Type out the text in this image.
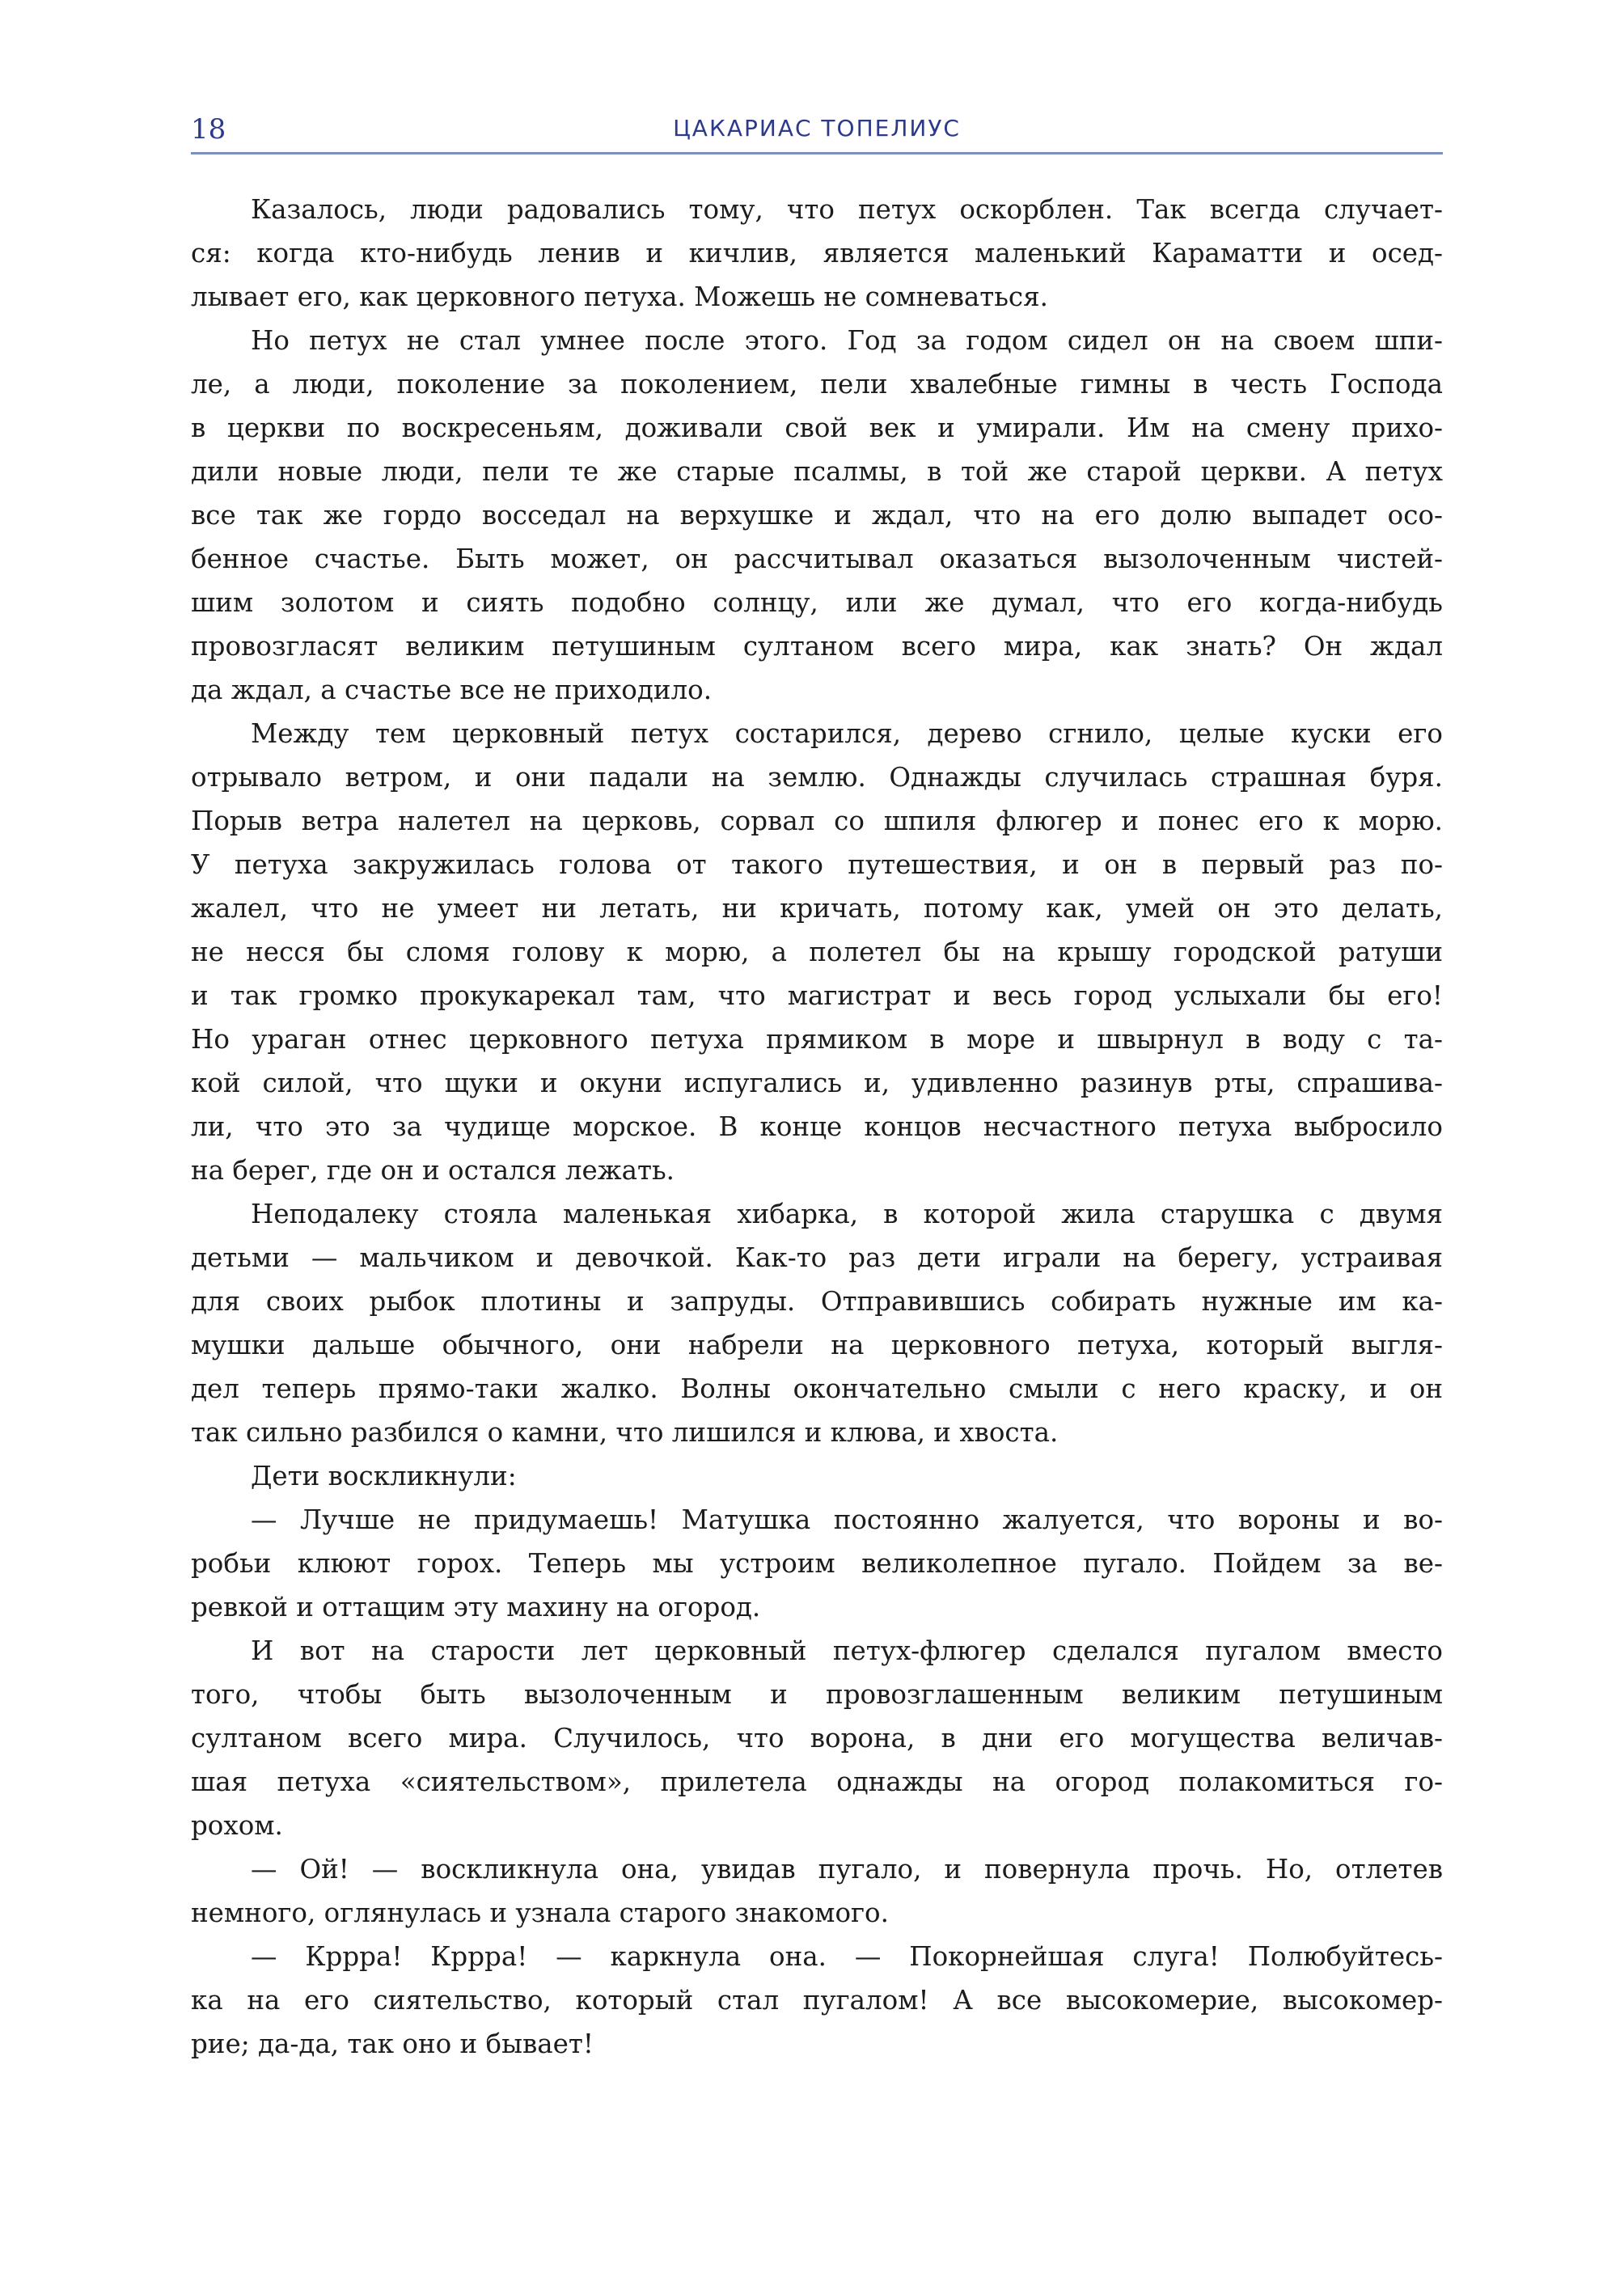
18	ЦАКАРИАС ТОПЕЛИУС
Казалось, люди радовались тому, что петух оскорблен. Так всегда случает-
ся: когда кто-нибудь ленив и кичлив, является маленький Караматти и осед-
лывает его, как церковного петуха. Можешь не сомневаться.
Но петух не стал умнее после этого. Год за годом сидел он на своем шпи-
ле, а люди, поколение за поколением, пели хвалебные гимны в честь Господа
в церкви по воскресеньям, доживали свой век и умирали. Им на смену прихо-
дили новые люди, пели те же старые псалмы, в той же старой церкви. А петух
все так же гордо восседал на верхушке и ждал, что на его долю выпадет осо-
бенное счастье. Быть может, он рассчитывал оказаться вызолоченным чистей-
шим золотом и сиять подобно солнцу, или же думал, что его когда-нибудь
провозгласят великим петушиным султаном всего мира, как знать? Он ждал
да ждал, а счастье все не приходило.
Между тем церковный петух состарился, дерево сгнило, целые куски его
отрывало ветром, и они падали на землю. Однажды случилась страшная буря.
Порыв ветра налетел на церковь, сорвал со шпиля флюгер и понес его к морю.
У петуха закружилась голова от такого путешествия, и он в первый раз по-
жалел, что не умеет ни летать, ни кричать, потому как, умей он это делать,
не несся бы сломя голову к морю, а полетел бы на крышу городской ратуши
и так громко прокукарекал там, что магистрат и весь город услыхали бы его!
Но ураган отнес церковного петуха прямиком в море и швырнул в воду с та-
кой силой, что щуки и окуни испугались и, удивленно разинув рты, спрашива-
ли, что это за чудище морское. В конце концов несчастного петуха выбросило
на берег, где он и остался лежать.
Неподалеку стояла маленькая хибарка, в которой жила старушка с двумя
детьми — мальчиком и девочкой. Как-то раз дети играли на берегу, устраивая
для своих рыбок плотины и запруды. Отправившись собирать нужные им ка-
мушки дальше обычного, они набрели на церковного петуха, который выгля-
дел теперь прямо-таки жалко. Волны окончательно смыли с него краску, и он
так сильно разбился о камни, что лишился и клюва, и хвоста.
Дети воскликнули:
— Лучше не придумаешь! Матушка постоянно жалуется, что вороны и во-
робьи клюют горох. Теперь мы устроим великолепное пугало. Пойдем за ве-
ревкой и оттащим эту махину на огород.
И вот на старости лет церковный петух-флюгер сделался пугалом вместо
того, чтобы быть вызолоченным и провозглашенным великим петушиным
султаном всего мира. Случилось, что ворона, в дни его могущества величав-
шая петуха «сиятельством», прилетела однажды на огород полакомиться го-
рохом.
— Ой! — воскликнула она, увидав пугало, и повернула прочь. Но, отлетев
немного, оглянулась и узнала старого знакомого.
— Крррa! Крррa! — каркнула она. — Покорнейшая слуга! Полюбуйтесь-
ка на его сиятельство, который стал пугалом! А все высокомерие, высокомер-
рие; да-да, так оно и бывает!
